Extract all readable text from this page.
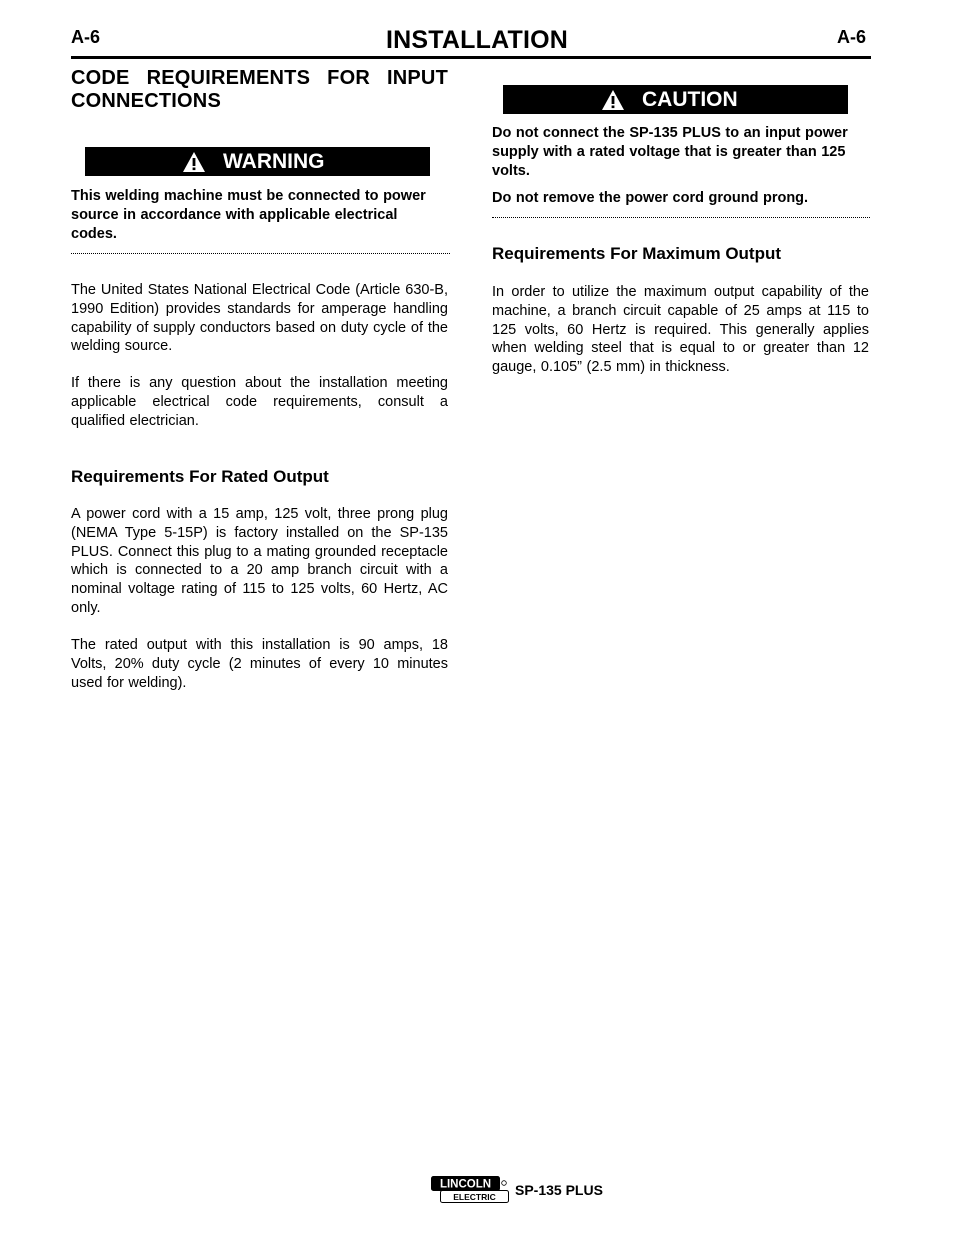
A-6	INSTALLATION	A-6
CODE REQUIREMENTS FOR INPUT CONNECTIONS
WARNING
This welding machine must be connected to power source in accordance with applicable electrical codes.
The United States National Electrical Code (Article 630-B, 1990 Edition) provides standards for amperage handling capability of supply conductors based on duty cycle of the welding source.
If there is any question about the installation meeting applicable electrical code requirements, consult a qualified electrician.
Requirements For Rated Output
A power cord with a 15 amp, 125 volt, three prong plug (NEMA Type 5-15P) is factory installed on the SP-135 PLUS. Connect this plug to a mating grounded receptacle which is connected to a 20 amp branch circuit with a nominal voltage rating of 115 to 125 volts, 60 Hertz, AC only.
The rated output with this installation is 90 amps, 18 Volts, 20% duty cycle (2 minutes of every 10 minutes used for welding).
CAUTION
Do not connect the SP-135 PLUS to an input power supply with a rated voltage that is greater than 125 volts.
Do not remove the power cord ground prong.
Requirements For Maximum Output
In order to utilize the maximum output capability of the machine, a branch circuit capable of 25 amps at 115 to 125 volts, 60 Hertz is required. This generally applies when welding steel that is equal to or greater than 12 gauge, 0.105” (2.5 mm) in thickness.
LINCOLN
ELECTRIC SP-135 PLUS
